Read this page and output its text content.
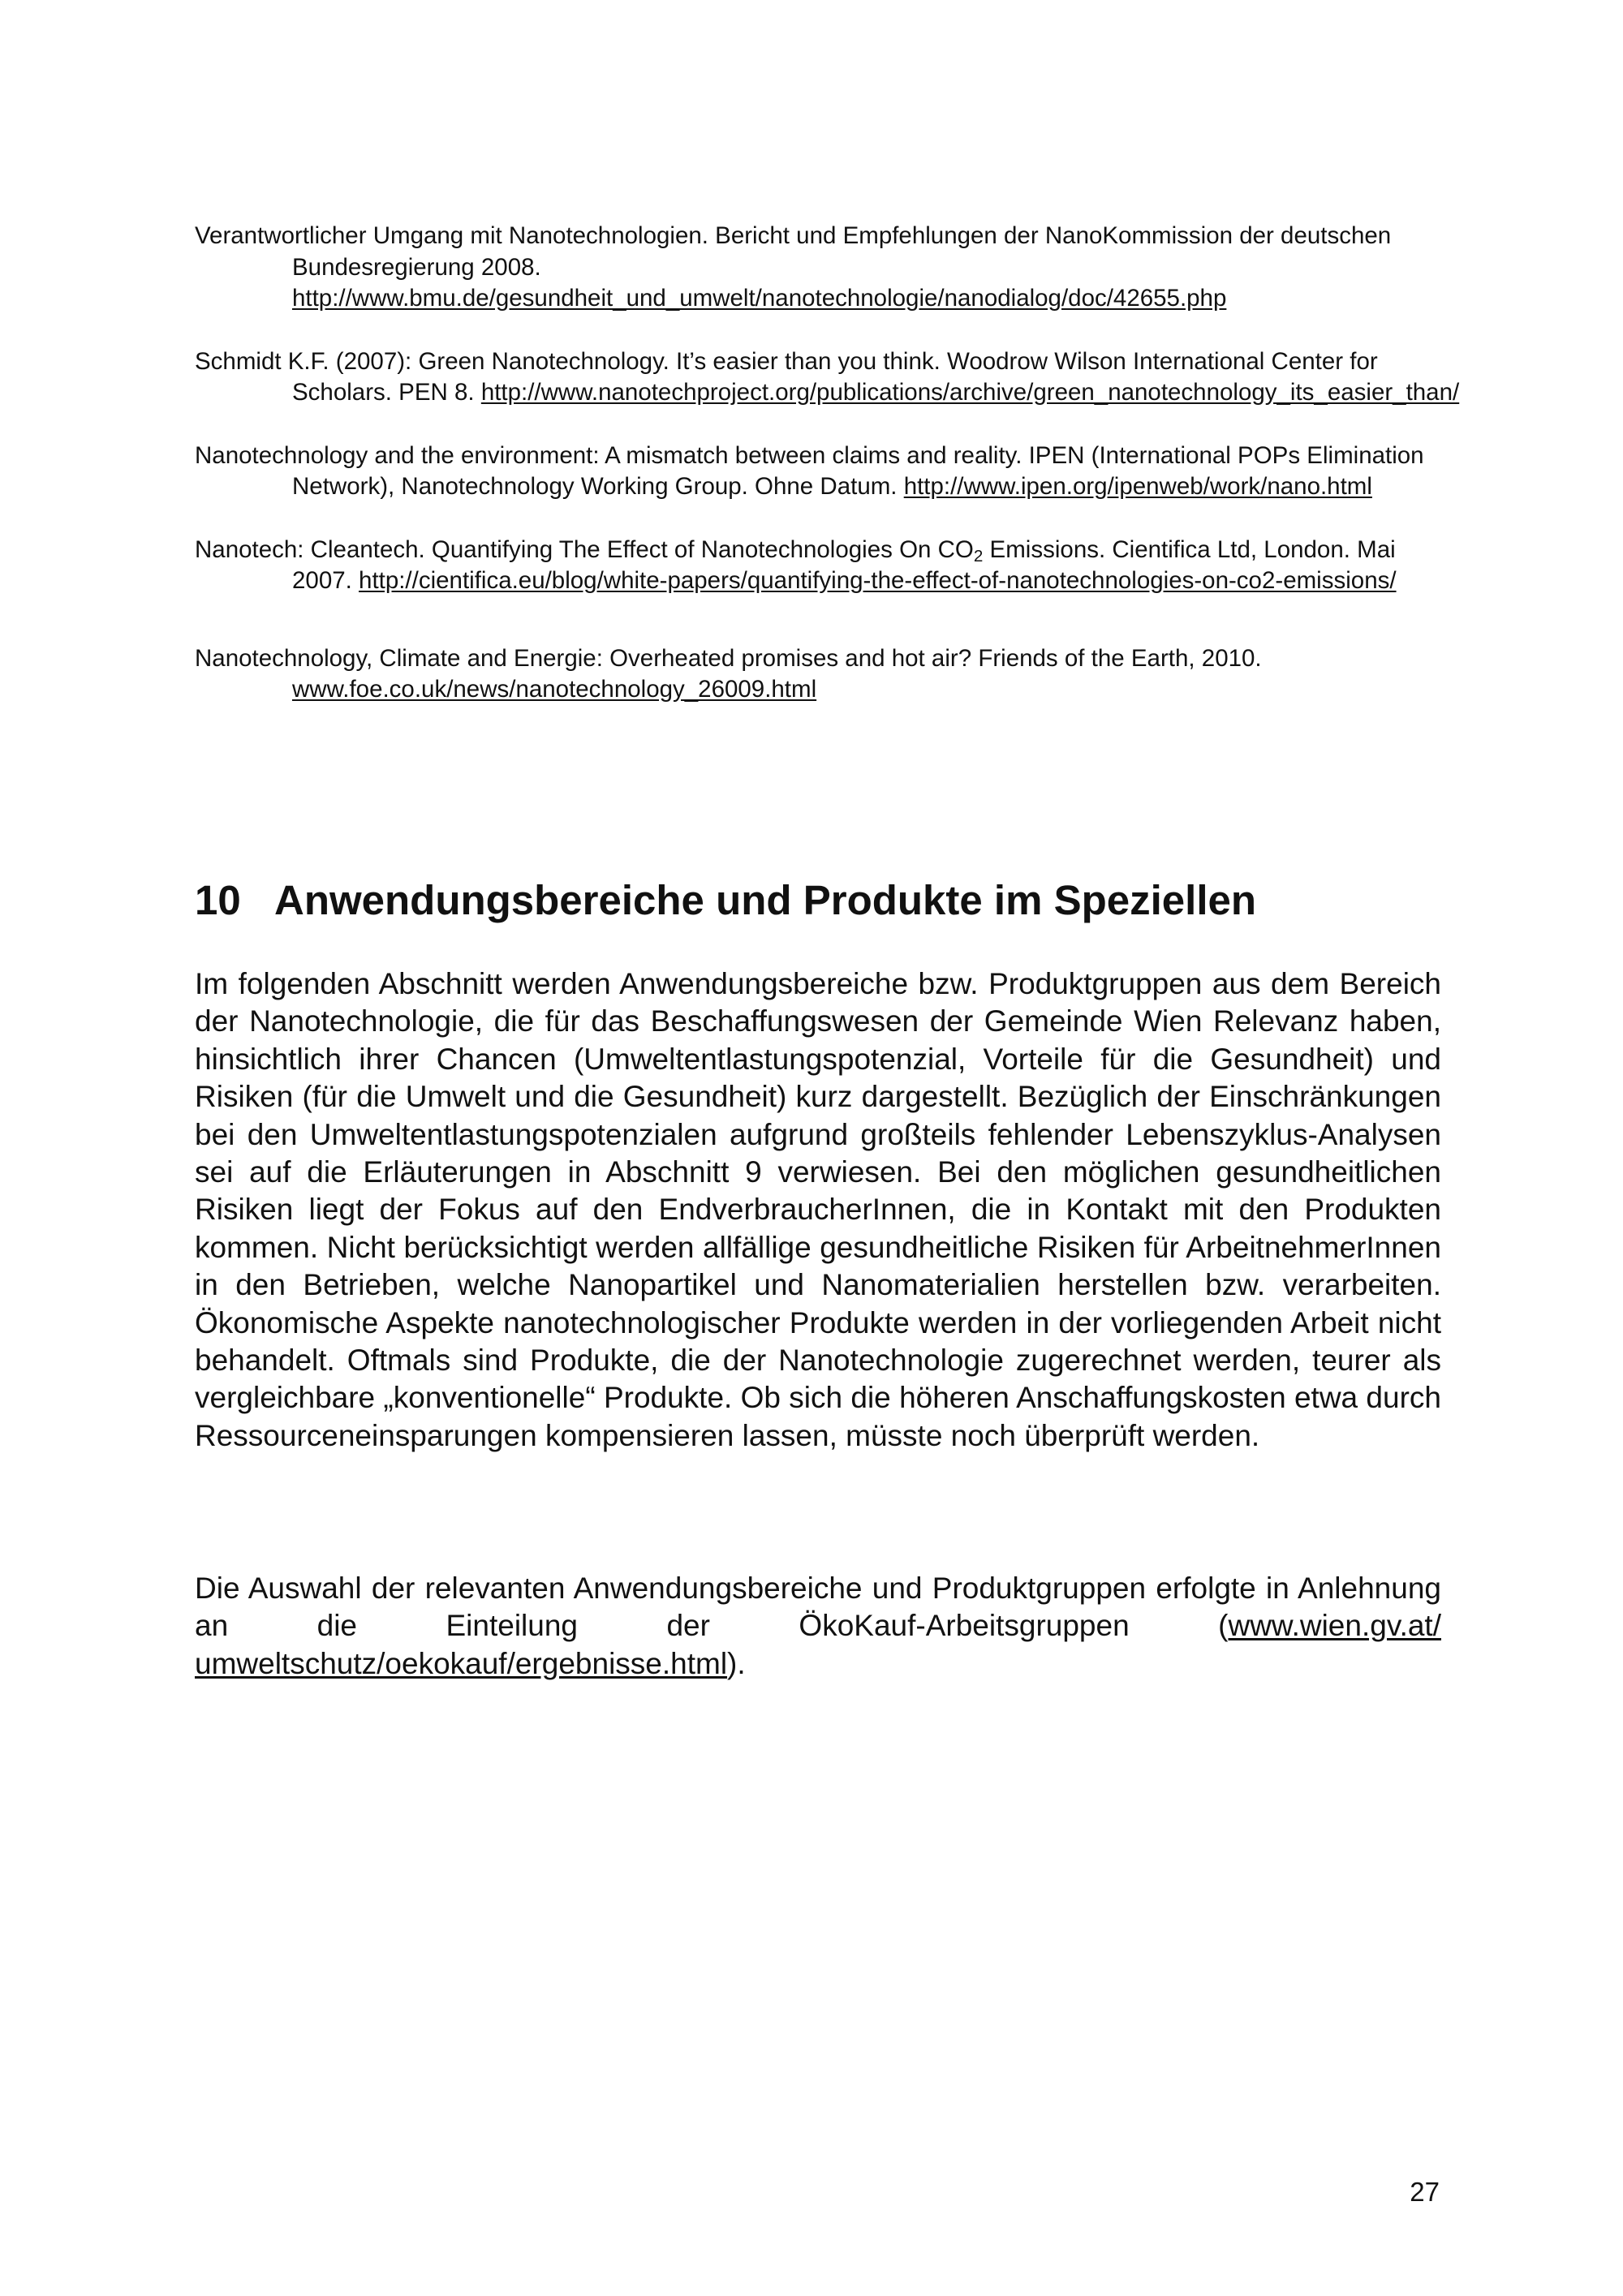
Verantwortlicher Umgang mit Nanotechnologien. Bericht und Empfehlungen der NanoKommission der deutschen Bundesregierung 2008. http://www.bmu.de/gesundheit_und_umwelt/nanotechnologie/nanodialog/doc/42655.php

Schmidt K.F. (2007): Green Nanotechnology. It’s easier than you think. Woodrow Wilson International Center for Scholars. PEN 8. http://www.nanotechproject.org/publications/archive/green_nanotechnology_its_easier_than/

Nanotechnology and the environment: A mismatch between claims and reality. IPEN (International POPs Elimination Network), Nanotechnology Working Group. Ohne Datum. http://www.ipen.org/ipenweb/work/nano.html

Nanotech: Cleantech. Quantifying The Effect of Nanotechnologies On $CO_2$ Emissions. Cientifica Ltd, London. Mai 2007. http://cientifica.eu/blog/white-papers/quantifying-the-effect-of-nanotechnologies-on-co2-emissions/

Nanotechnology, Climate and Energie: Overheated promises and hot air? Friends of the Earth, 2010. www.foe.co.uk/news/nanotechnology_26009.html

10 Anwendungsbereiche und Produkte im Speziellen

Im folgenden Abschnitt werden Anwendungsbereiche bzw. Produktgruppen aus dem Bereich der Nanotechnologie, die für das Beschaffungswesen der Gemeinde Wien Relevanz haben, hinsichtlich ihrer Chancen (Umweltentlastungspotenzial, Vorteile für die Gesundheit) und Risiken (für die Umwelt und die Gesundheit) kurz dargestellt. Bezüglich der Einschränkungen bei den Umweltentlastungspotenzialen aufgrund großteils fehlender Lebenszyklus-Analysen sei auf die Erläuterungen in Abschnitt 9 verwiesen. Bei den möglichen gesundheitlichen Risiken liegt der Fokus auf den EndverbraucherInnen, die in Kontakt mit den Produkten kommen. Nicht berücksichtigt werden allfällige gesundheitliche Risiken für ArbeitnehmerInnen in den Betrieben, welche Nanopartikel und Nanomaterialien herstellen bzw. verarbeiten. Ökonomische Aspekte nanotechnologischer Produkte werden in der vorliegenden Arbeit nicht behandelt. Oftmals sind Produkte, die der Nanotechnologie zugerechnet werden, teurer als vergleichbare „konventionelle“ Produkte. Ob sich die höheren Anschaffungskosten etwa durch Ressourceneinsparungen kompensieren lassen, müsste noch überprüft werden.

Die Auswahl der relevanten Anwendungsbereiche und Produktgruppen erfolgte in Anlehnung an die Einteilung der ÖkoKauf-Arbeitsgruppen (www.wien.gv.at/ umweltschutz/oekokauf/ergebnisse.html).

27
